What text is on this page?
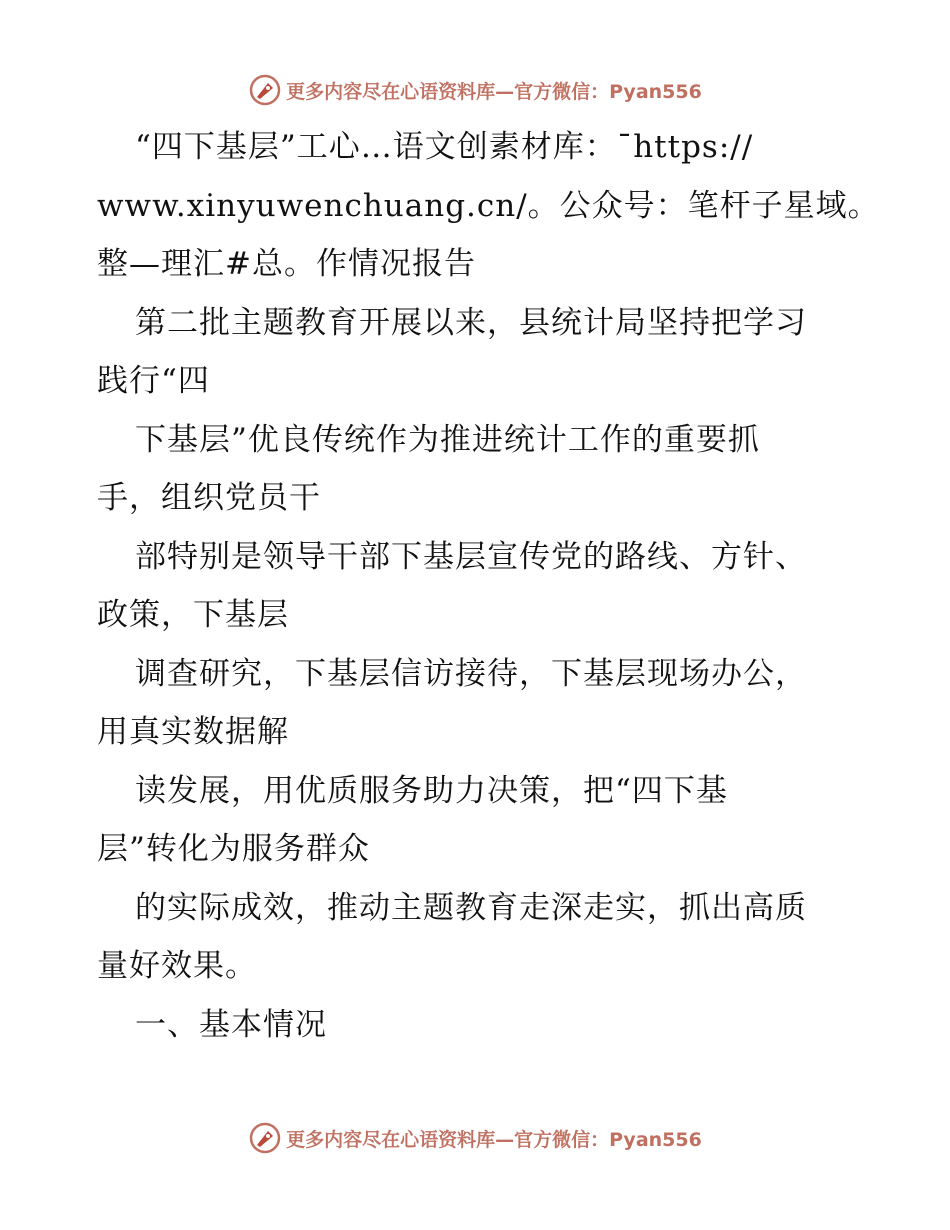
更多内容尽在心语资料库—官方微信：Pyan556
“四下基层”工心…语文创素材库：¯https://
www.xinyuwenchuang.cn/。公众号：笔杆子星域。
整—理汇#总。作情况报告
第二批主题教育开展以来，县统计局坚持把学习
践行“四
下基层”优良传统作为推进统计工作的重要抓
手，组织党员干
部特别是领导干部下基层宣传党的路线、方针、
政策，下基层
调查研究，下基层信访接待，下基层现场办公，
用真实数据解
读发展，用优质服务助力决策，把“四下基
层”转化为服务群众
的实际成效，推动主题教育走深走实，抓出高质
量好效果。
一、基本情况
更多内容尽在心语资料库—官方微信：Pyan556
